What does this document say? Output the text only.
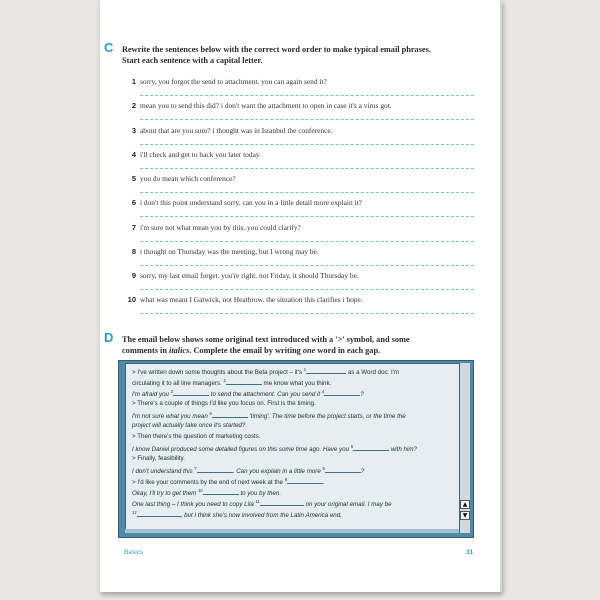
C Rewrite the sentences below with the correct word order to make typical email phrases.
Start each sentence with a capital letter.
1 sorry, you forgot the send to attachment. you can again send it?
2 mean you to send this did? i don't want the attachment to open in case it's a virus got.
3 about that are you sure? i thought was in Istanbul the conference.
4 i'll check and get to back you later today.
5 you do mean which conference?
6 i don't this point understand sorry. can you in a little detail more explain it?
7 i'm sure not what mean you by this. you could clarify?
8 i thought on Thursday was the meeting, but I wrong may be.
9 sorry, my last email forget. you're right. not Friday, it should Thursday be.
10 what was meant I Gatwick, not Heathrow. the situation this clarifies i hope.
D The email below shows some original text introduced with a '>' symbol, and some
comments in italics. Complete the email by writing one word in each gap.
> I've written down some thoughts about the Beta project – it's $^1$	as a Word doc. I'm
circulating it to all line managers. $^2$	me know what you think.
I'm afraid you $^3$	to send the attachment. Can you send it $^4$	?
> There's a couple of things I'd like you focus on. First is the timing.
I'm not sure what you mean $^5$	'timing'. The time before the project starts, or the time the
project will actually take once it's started?
> Then there's the question of marketing costs.
I know Daniel produced some detailed figures on this some time ago. Have you $^6$	with him?
> Finally, feasibility.
I don't understand this $^7$	. Can you explain in a little more $^8$	?
> I'd like your comments by the end of next week at the $^9$	.
Okay, I'll try to get them $^{10}$	to you by then.
One last thing – I think you need to copy Lila $^{11}$	on your original email. I may be
$^{12}$	, but I think she's now involved from the Latin America end.
▲
▼
Basics	31
